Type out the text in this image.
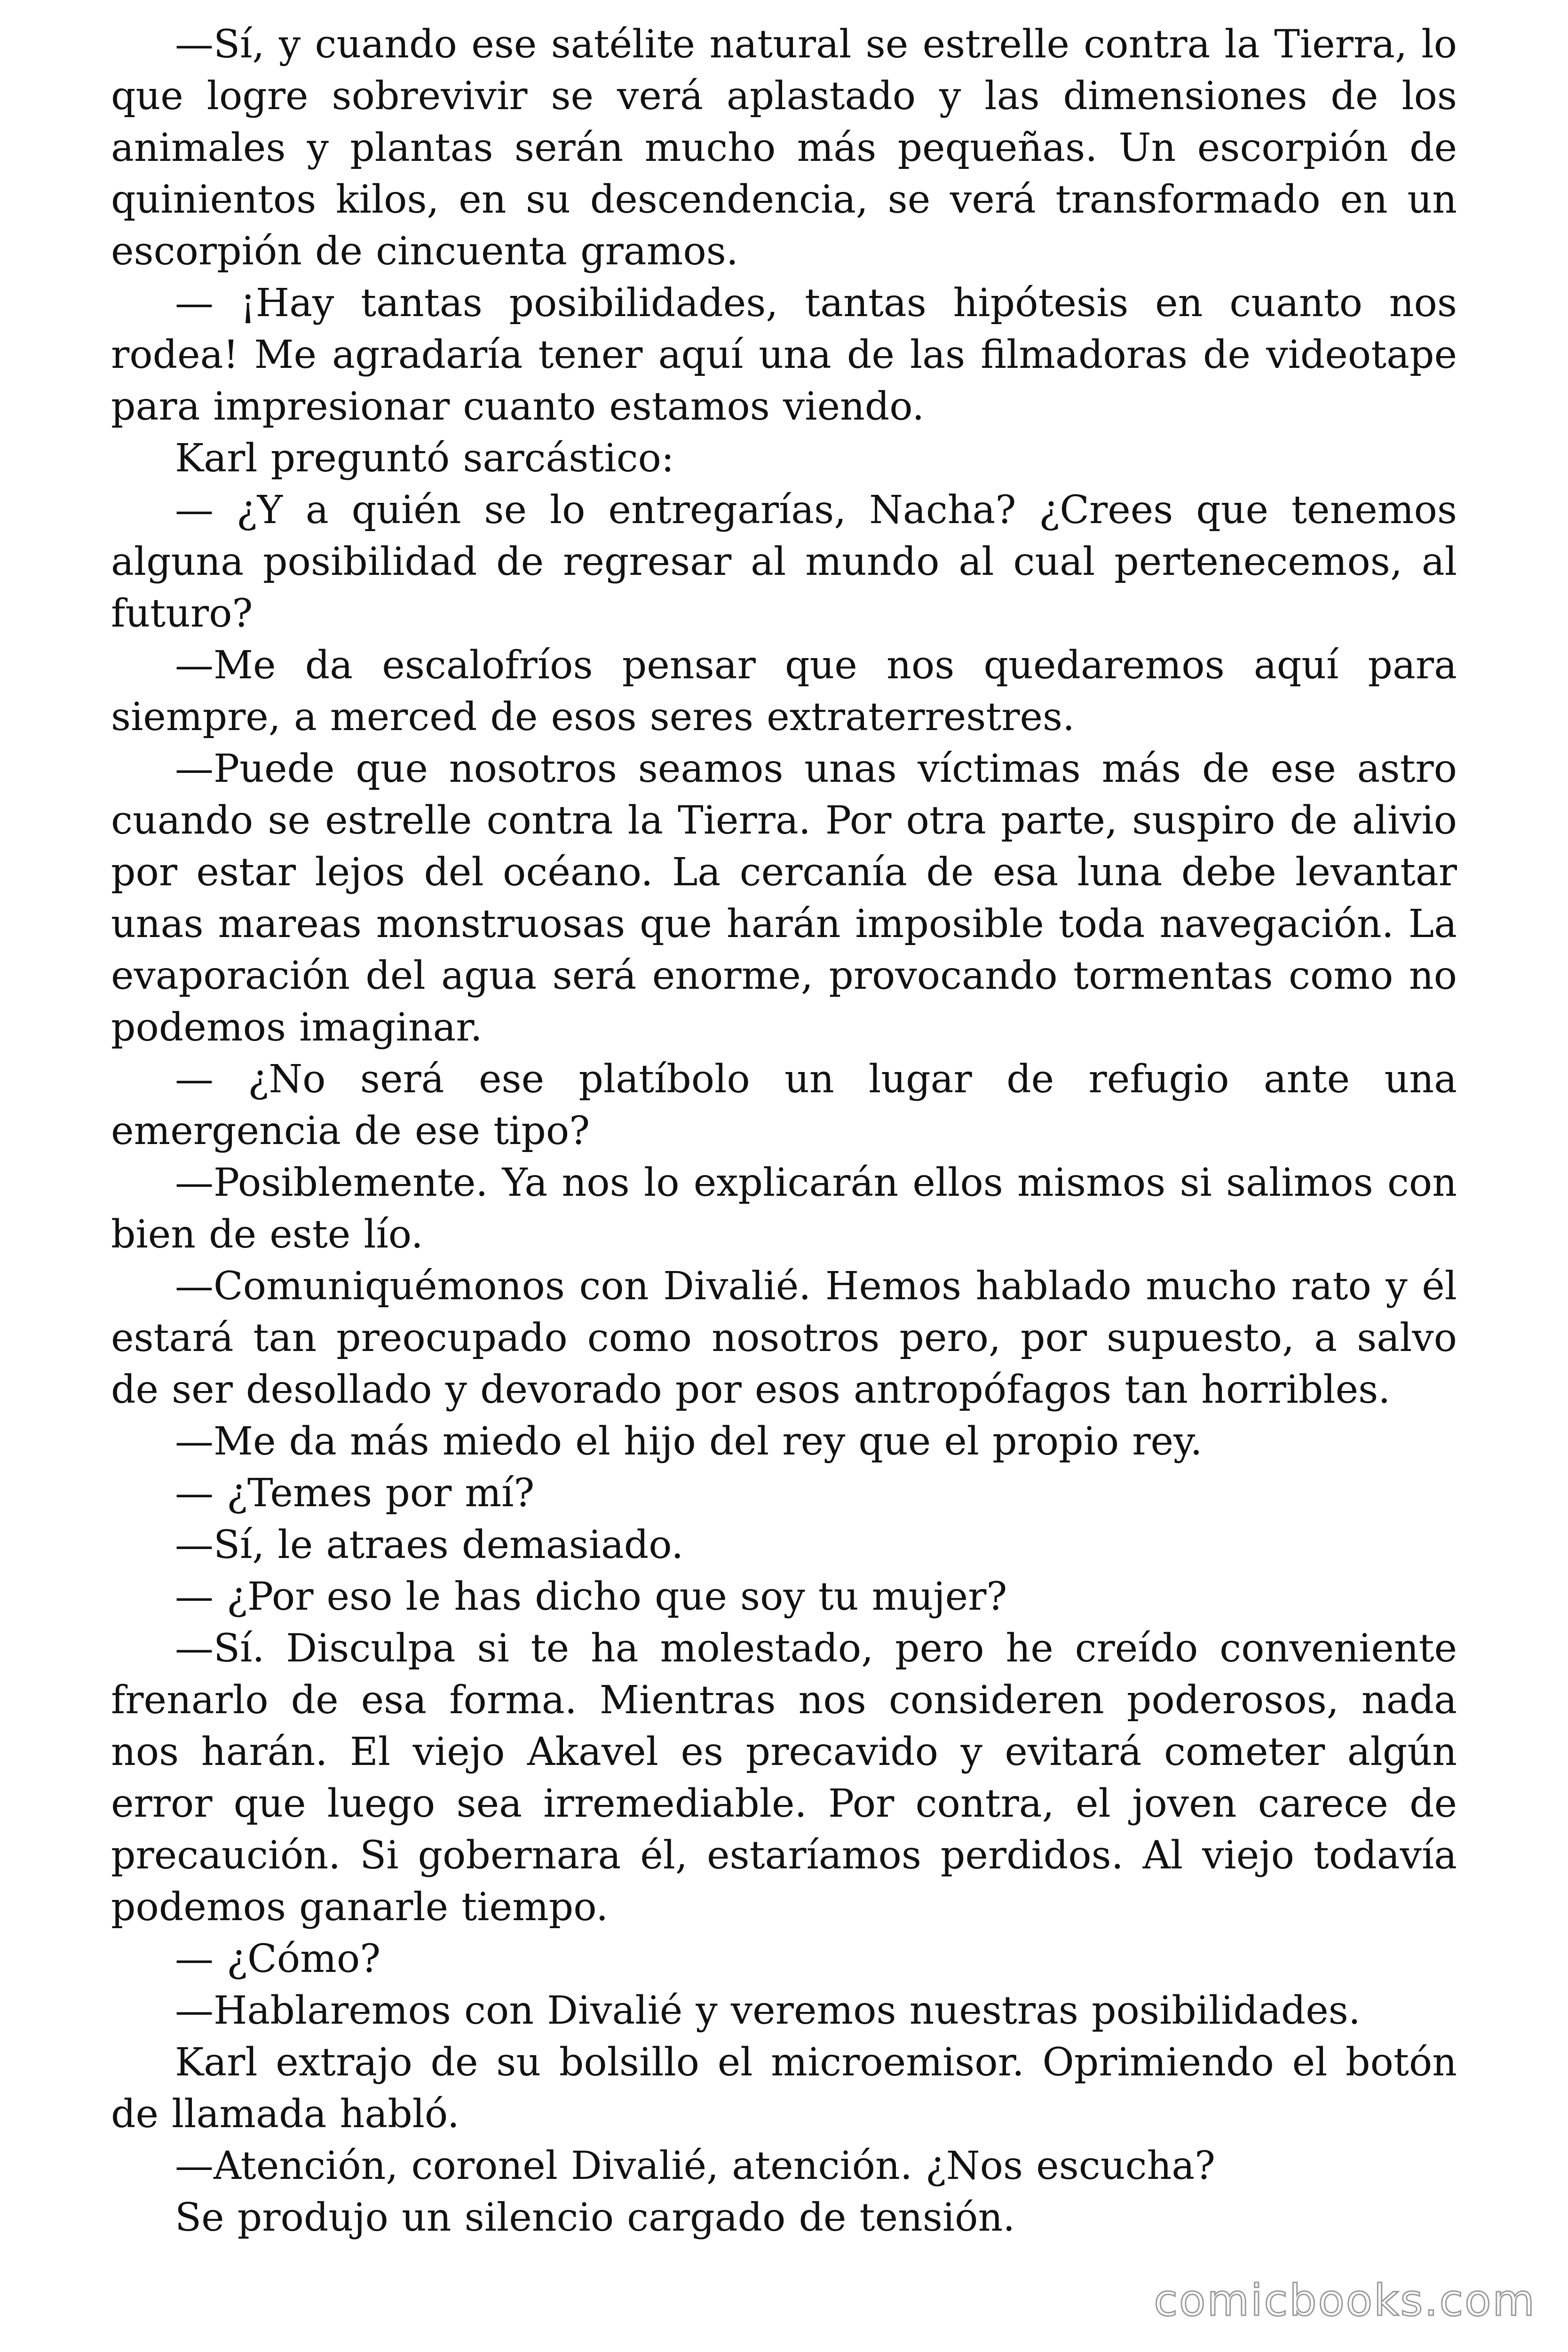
—Sí, y cuando ese satélite natural se estrelle contra la Tierra, lo que logre sobrevivir se verá aplastado y las dimensiones de los animales y plantas serán mucho más pequeñas. Un escorpión de quinientos kilos, en su descendencia, se verá transformado en un escorpión de cincuenta gramos.

— ¡Hay tantas posibilidades, tantas hipótesis en cuanto nos rodea! Me agradaría tener aquí una de las filmadoras de videotape para impresionar cuanto estamos viendo.

Karl preguntó sarcástico:

— ¿Y a quién se lo entregarías, Nacha? ¿Crees que tenemos alguna posibilidad de regresar al mundo al cual pertenecemos, al futuro?

—Me da escalofríos pensar que nos quedaremos aquí para siempre, a merced de esos seres extraterrestres.

—Puede que nosotros seamos unas víctimas más de ese astro cuando se estrelle contra la Tierra. Por otra parte, suspiro de alivio por estar lejos del océano. La cercanía de esa luna debe levantar unas mareas monstruosas que harán imposible toda navegación. La evaporación del agua será enorme, provocando tormentas como no podemos imaginar.

— ¿No será ese platíbolo un lugar de refugio ante una emergencia de ese tipo?

—Posiblemente. Ya nos lo explicarán ellos mismos si salimos con bien de este lío.

—Comuniquémonos con Divalié. Hemos hablado mucho rato y él estará tan preocupado como nosotros pero, por supuesto, a salvo de ser desollado y devorado por esos antropófagos tan horribles.

—Me da más miedo el hijo del rey que el propio rey.

— ¿Temes por mí?

—Sí, le atraes demasiado.

— ¿Por eso le has dicho que soy tu mujer?

—Sí. Disculpa si te ha molestado, pero he creído conveniente frenarlo de esa forma. Mientras nos consideren poderosos, nada nos harán. El viejo Akavel es precavido y evitará cometer algún error que luego sea irremediable. Por contra, el joven carece de precaución. Si gobernara él, estaríamos perdidos. Al viejo todavía podemos ganarle tiempo.

— ¿Cómo?

—Hablaremos con Divalié y veremos nuestras posibilidades.

Karl extrajo de su bolsillo el microemisor. Oprimiendo el botón de llamada habló.

—Atención, coronel Divalié, atención. ¿Nos escucha?

Se produjo un silencio cargado de tensión.

comicbooks.com
